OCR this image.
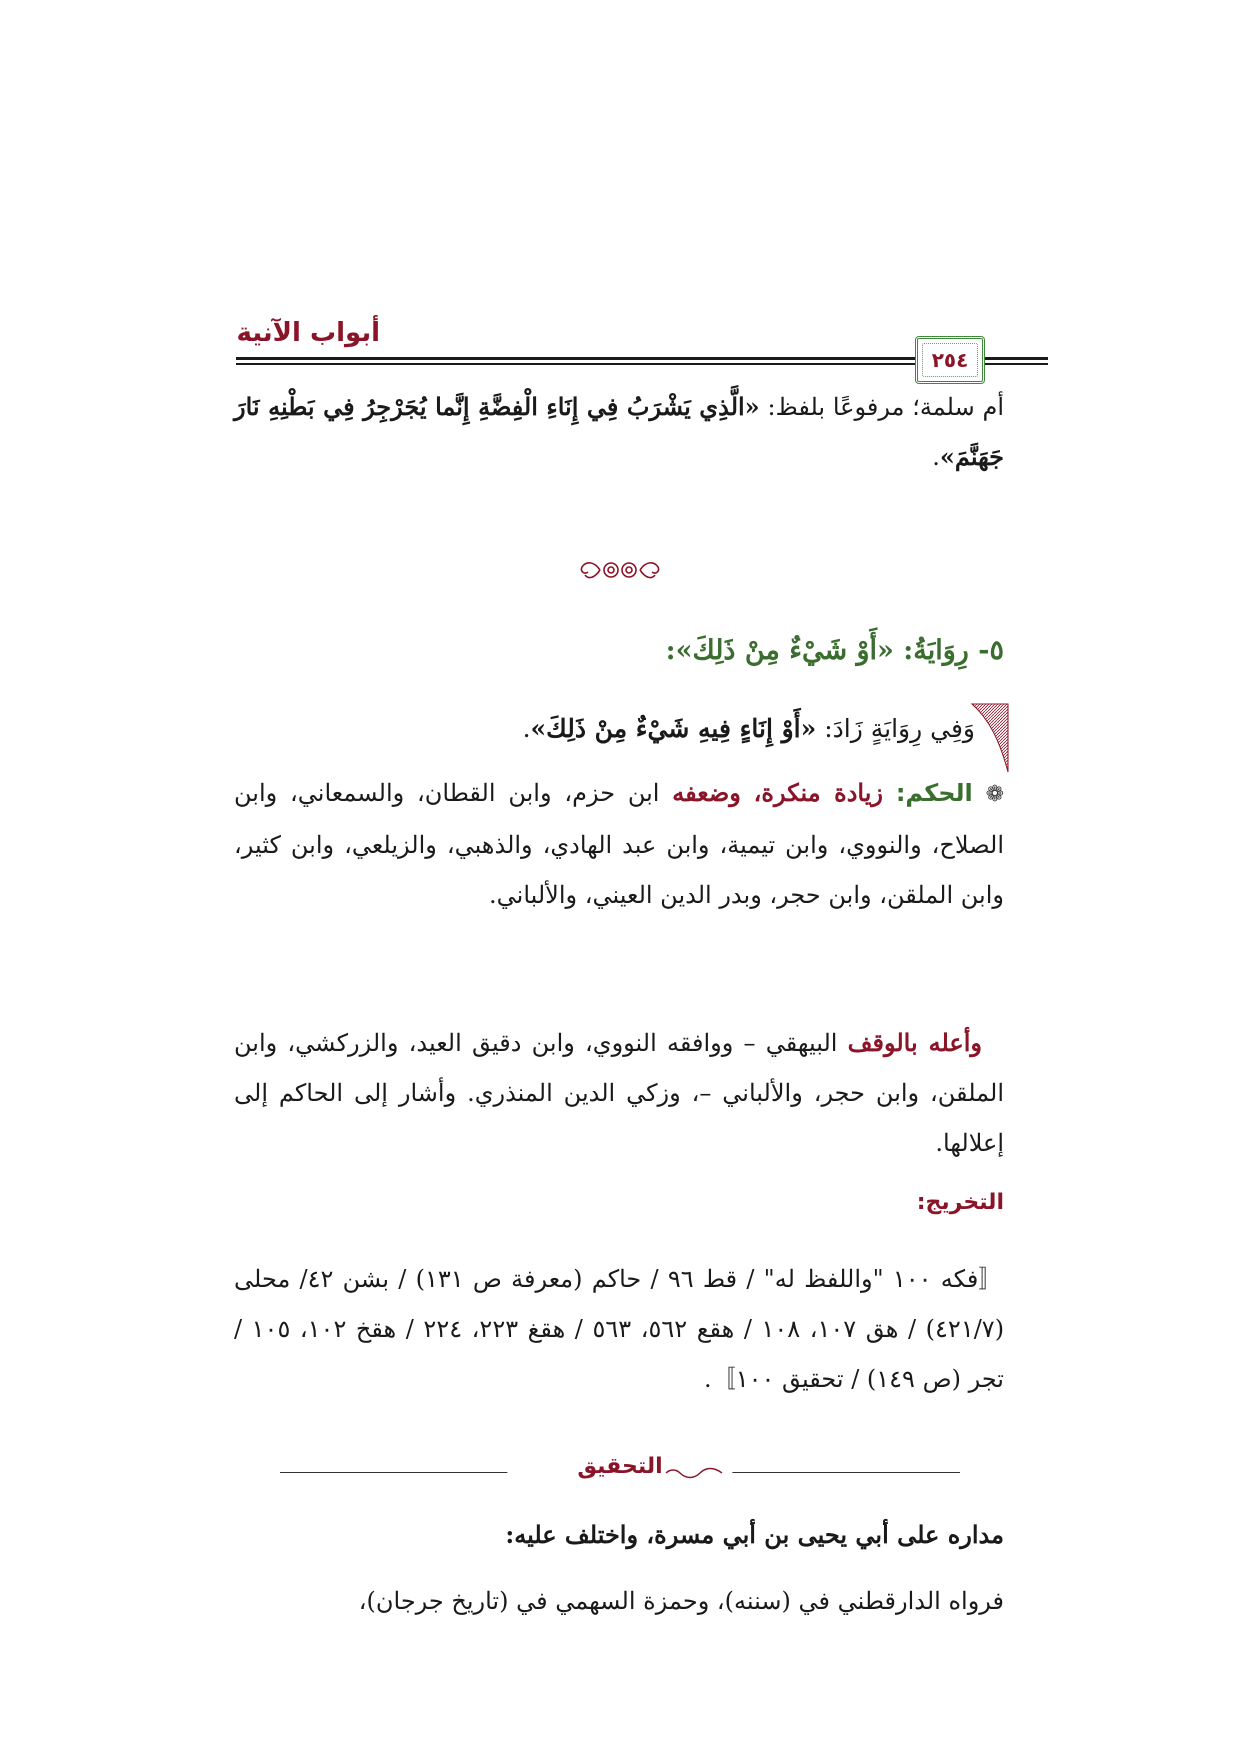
أبواب الآنية
٢٥٤
أم سلمة؛ مرفوعًا بلفظ: «الَّذِي يَشْرَبُ فِي إِنَاءِ الْفِضَّةِ إِنَّما يُجَرْجِرُ فِي بَطْنِهِ نَارَ جَهَنَّمَ».
٥- رِوَايَةُ: «أَوْ شَيْءٌ مِنْ ذَلِكَ»:
وَفِي رِوَايَةٍ زَادَ: «أَوْ إِنَاءٍ فِيهِ شَيْءٌ مِنْ ذَلِكَ».
❁ الحكم: زيادة منكرة، وضعفه ابن حزم، وابن القطان، والسمعاني، وابن الصلاح، والنووي، وابن تيمية، وابن عبد الهادي، والذهبي، والزيلعي، وابن كثير، وابن الملقن، وابن حجر، وبدر الدين العيني، والألباني.
وأعله بالوقف البيهقي – ووافقه النووي، وابن دقيق العيد، والزركشي، وابن الملقن، وابن حجر، والألباني –، وزكي الدين المنذري. وأشار إلى الحاكم إلى إعلالها.
التخريج:
〚فكه ١٠٠ "واللفظ له" / قط ٩٦ / حاكم (معرفة ص ١٣١) / بشن ٤٢/ محلى (٤٢١/٧) / هق ١٠٧، ١٠٨ / هقع ٥٦٢، ٥٦٣ / هقغ ٢٢٣، ٢٢٤ / هقخ ١٠٢، ١٠٥ / تجر (ص ١٤٩) / تحقيق ١٠٠〛.
التحقيق
مداره على أبي يحيى بن أبي مسرة، واختلف عليه:
فرواه الدارقطني في (سننه)، وحمزة السهمي في (تاريخ جرجان)،
